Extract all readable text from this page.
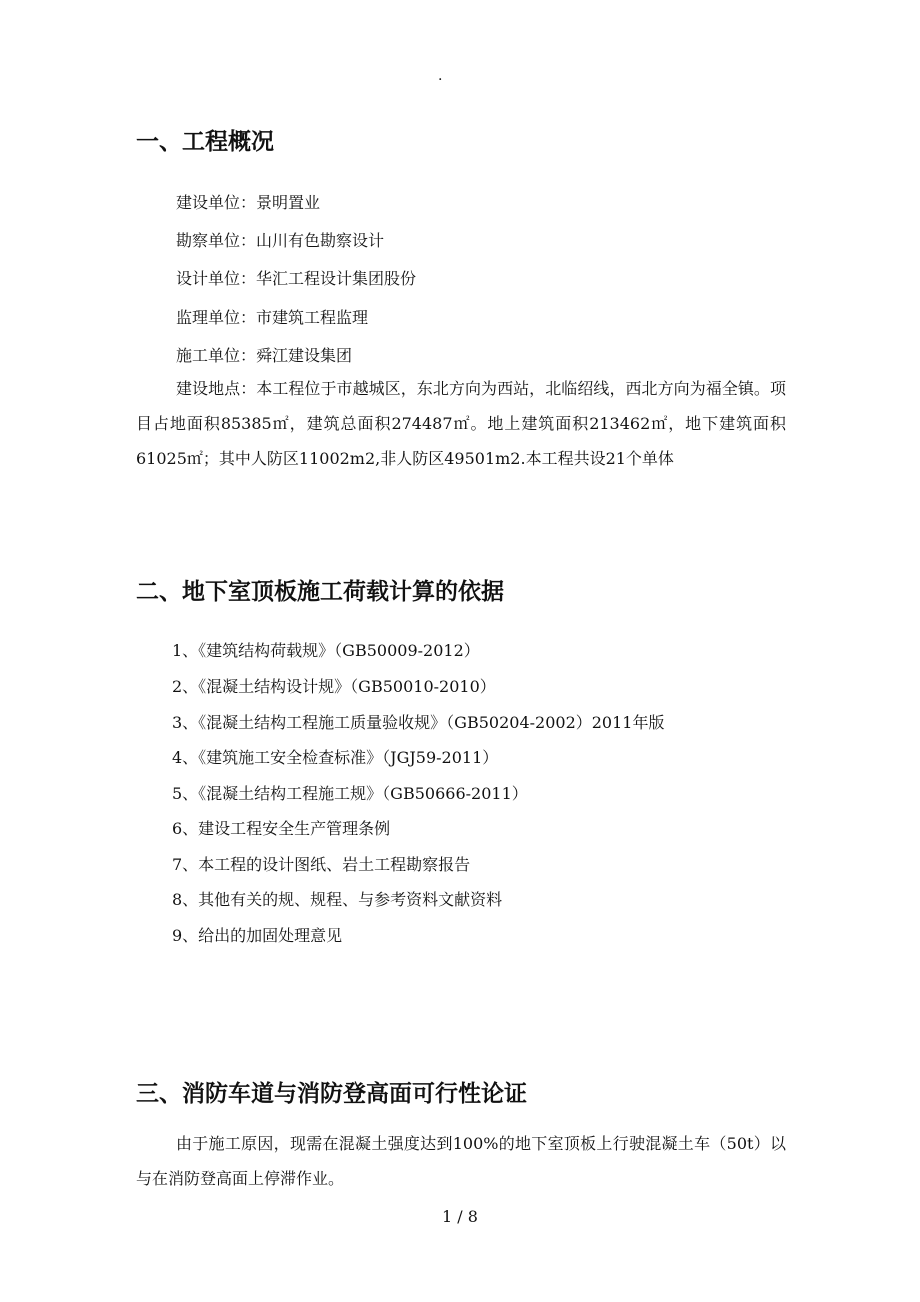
.
一、工程概况
建设单位：景明置业
勘察单位：山川有色勘察设计
设计单位：华汇工程设计集团股份
监理单位：市建筑工程监理
施工单位：舜江建设集团

建设地点：本工程位于市越城区，东北方向为西站，北临绍线，西北方向为福全镇。项目占地面积85385㎡，建筑总面积274487㎡。地上建筑面积213462㎡，地下建筑面积61025㎡；其中人防区11002m2,非人防区49501m2.本工程共设21个单体

二、地下室顶板施工荷载计算的依据
1、《建筑结构荷载规》（GB50009-2012）
2、《混凝土结构设计规》（GB50010-2010）
3、《混凝土结构工程施工质量验收规》（GB50204-2002）2011年版
4、《建筑施工安全检查标准》（JGJ59-2011）
5、《混凝土结构工程施工规》（GB50666-2011）
6、建设工程安全生产管理条例
7、本工程的设计图纸、岩土工程勘察报告
8、其他有关的规、规程、与参考资料文献资料
9、给出的加固处理意见
三、消防车道与消防登高面可行性论证

由于施工原因，现需在混凝土强度达到100%的地下室顶板上行驶混凝土车（50t）以与在消防登高面上停滞作业。

1 / 8
